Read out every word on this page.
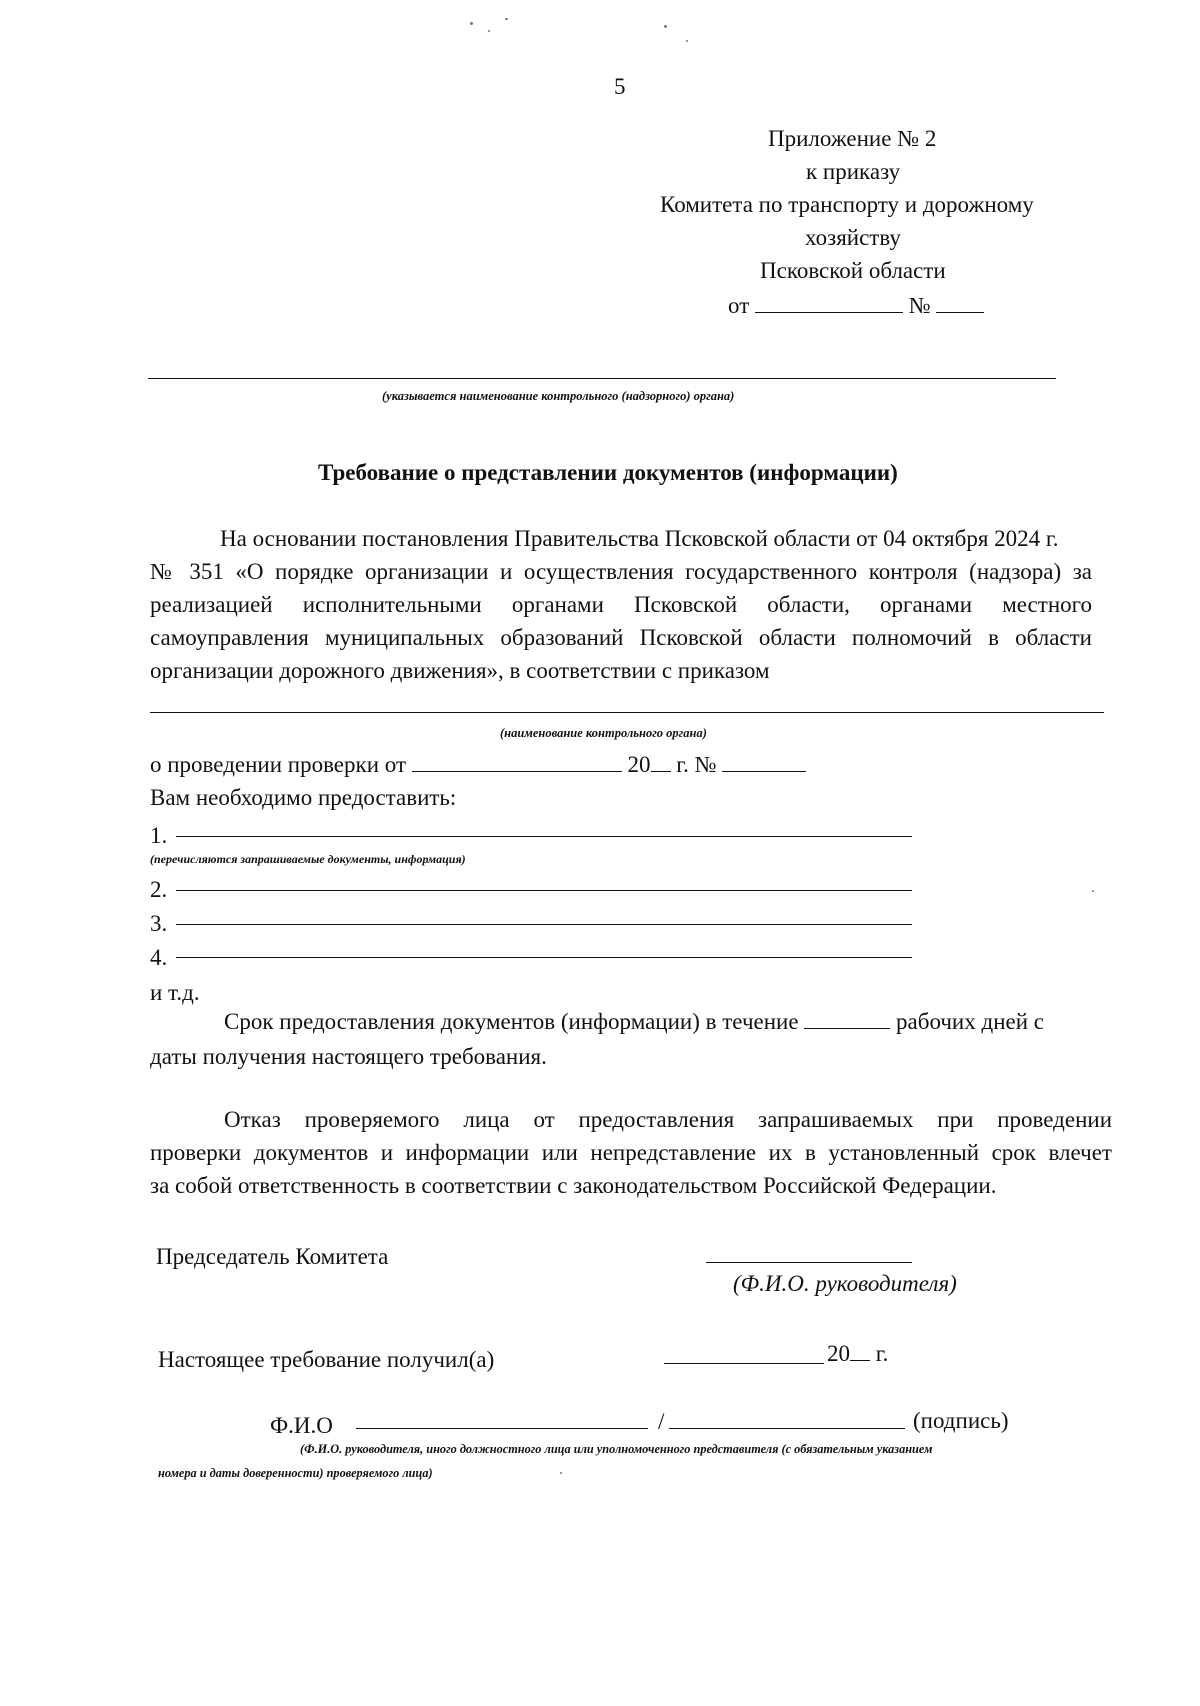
5
Приложение № 2
к приказу
Комитета по транспорту и дорожному
хозяйству
Псковской области
от	№
(указывается наименование контрольного (надзорного) органа)
Требование о представлении документов (информации)
На основании постановления Правительства Псковской области от 04 октября 2024 г.
№ 351 «О порядке организации и осуществления государственного контроля (надзора) за
реализацией исполнительными органами Псковской области, органами местного
самоуправления муниципальных образований Псковской области полномочий в области
организации дорожного движения», в соответствии с приказом
(наименование контрольного органа)
о проведении проверки от	20 г. №
Вам необходимо предоставить:
1.
(перечисляются запрашиваемые документы, информация)
2.
3.
4.
и т.д.
Срок предоставления документов (информации) в течение	рабочих дней с
даты получения настоящего требования.
Отказ проверяемого лица от предоставления запрашиваемых при проведении
проверки документов и информации или непредставление их в установленный срок влечет
за собой ответственность в соответствии с законодательством Российской Федерации.
Председатель Комитета
(Ф.И.О. руководителя)
Настоящее требование получил(а)	20 г.
Ф.И.О	/	(подпись)
(Ф.И.О. руководителя, иного должностного лица или уполномоченного представителя (с обязательным указанием
номера и даты доверенности) проверяемого лица)
